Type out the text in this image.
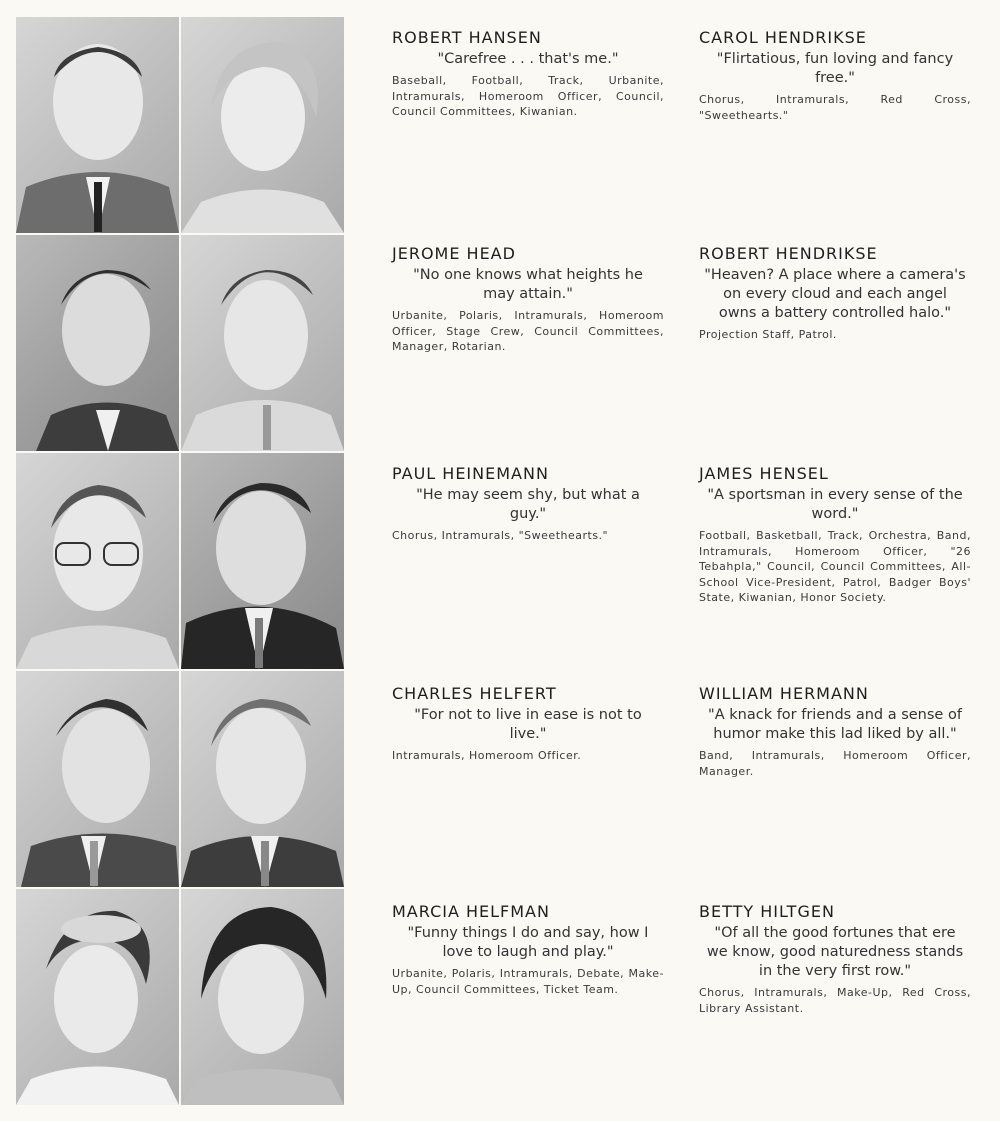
ROBERT HANSEN
"Carefree . . . that's me."
Baseball, Football, Track, Urbanite, Intramurals, Homeroom Officer, Council, Council Committees, Kiwanian.
CAROL HENDRIKSE
"Flirtatious, fun loving and fancy free."
Chorus, Intramurals, Red Cross, "Sweethearts."
JEROME HEAD
"No one knows what heights he may attain."
Urbanite, Polaris, Intramurals, Homeroom Officer, Stage Crew, Council Committees, Manager, Rotarian.
ROBERT HENDRIKSE
"Heaven? A place where a camera's on every cloud and each angel owns a battery controlled halo."
Projection Staff, Patrol.
PAUL HEINEMANN
"He may seem shy, but what a guy."
Chorus, Intramurals, "Sweethearts."
JAMES HENSEL
"A sportsman in every sense of the word."
Football, Basketball, Track, Orchestra, Band, Intramurals, Homeroom Officer, "26 Tebahpla," Council, Council Committees, All-School Vice-President, Patrol, Badger Boys' State, Kiwanian, Honor Society.
CHARLES HELFERT
"For not to live in ease is not to live."
Intramurals, Homeroom Officer.
WILLIAM HERMANN
"A knack for friends and a sense of humor make this lad liked by all."
Band, Intramurals, Homeroom Officer, Manager.
MARCIA HELFMAN
"Funny things I do and say, how I love to laugh and play."
Urbanite, Polaris, Intramurals, Debate, Make-Up, Council Committees, Ticket Team.
BETTY HILTGEN
"Of all the good fortunes that ere we know, good naturedness stands in the very first row."
Chorus, Intramurals, Make-Up, Red Cross, Library Assistant.
